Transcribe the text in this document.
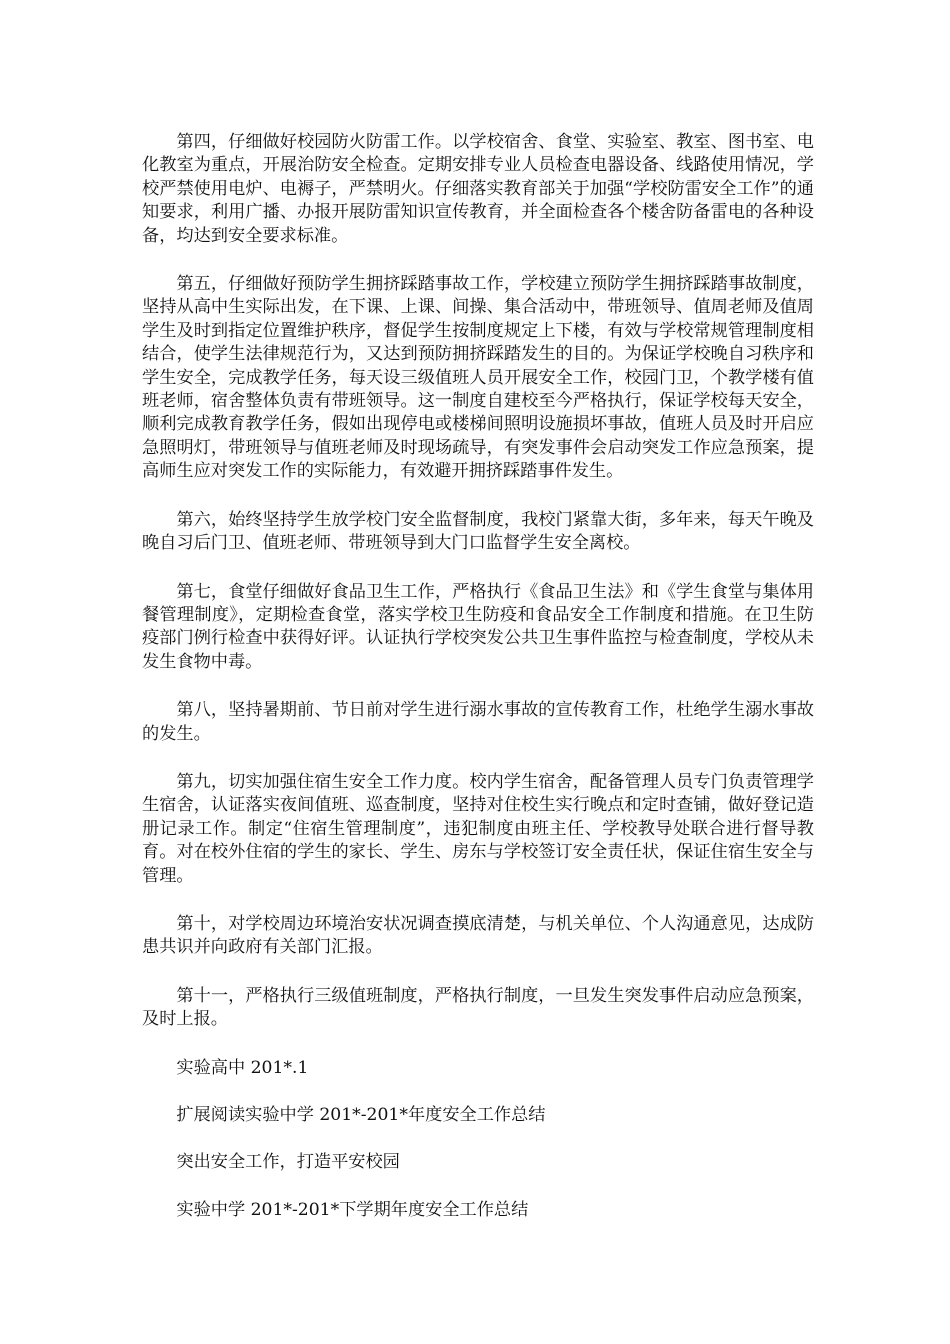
第四，仔细做好校园防火防雷工作。以学校宿舍、食堂、实验室、教室、图书室、电化教室为重点，开展治防安全检查。定期安排专业人员检查电器设备、线路使用情况，学校严禁使用电炉、电褥子，严禁明火。仔细落实教育部关于加强“学校防雷安全工作”的通知要求，利用广播、办报开展防雷知识宣传教育，并全面检查各个楼舍防备雷电的各种设备，均达到安全要求标准。

第五，仔细做好预防学生拥挤踩踏事故工作，学校建立预防学生拥挤踩踏事故制度，坚持从高中生实际出发，在下课、上课、间操、集合活动中，带班领导、值周老师及值周学生及时到指定位置维护秩序，督促学生按制度规定上下楼，有效与学校常规管理制度相结合，使学生法律规范行为，又达到预防拥挤踩踏发生的目的。为保证学校晚自习秩序和学生安全，完成教学任务，每天设三级值班人员开展安全工作，校园门卫，个教学楼有值班老师，宿舍整体负责有带班领导。这一制度自建校至今严格执行，保证学校每天安全，顺利完成教育教学任务，假如出现停电或楼梯间照明设施损坏事故，值班人员及时开启应急照明灯，带班领导与值班老师及时现场疏导，有突发事件会启动突发工作应急预案，提高师生应对突发工作的实际能力，有效避开拥挤踩踏事件发生。

第六，始终坚持学生放学校门安全监督制度，我校门紧靠大街，多年来，每天午晚及晚自习后门卫、值班老师、带班领导到大门口监督学生安全离校。

第七，食堂仔细做好食品卫生工作，严格执行《食品卫生法》和《学生食堂与集体用餐管理制度》，定期检查食堂，落实学校卫生防疫和食品安全工作制度和措施。在卫生防疫部门例行检查中获得好评。认证执行学校突发公共卫生事件监控与检查制度，学校从未发生食物中毒。

第八，坚持暑期前、节日前对学生进行溺水事故的宣传教育工作，杜绝学生溺水事故的发生。

第九，切实加强住宿生安全工作力度。校内学生宿舍，配备管理人员专门负责管理学生宿舍，认证落实夜间值班、巡查制度，坚持对住校生实行晚点和定时查铺，做好登记造册记录工作。制定“住宿生管理制度”，违犯制度由班主任、学校教导处联合进行督导教育。对在校外住宿的学生的家长、学生、房东与学校签订安全责任状，保证住宿生安全与管理。

第十，对学校周边环境治安状况调查摸底清楚，与机关单位、个人沟通意见，达成防患共识并向政府有关部门汇报。

第十一，严格执行三级值班制度，严格执行制度，一旦发生突发事件启动应急预案，及时上报。

实验高中 201*.1

扩展阅读实验中学 201*-201*年度安全工作总结

突出安全工作，打造平安校园

实验中学 201*-201*下学期年度安全工作总结
